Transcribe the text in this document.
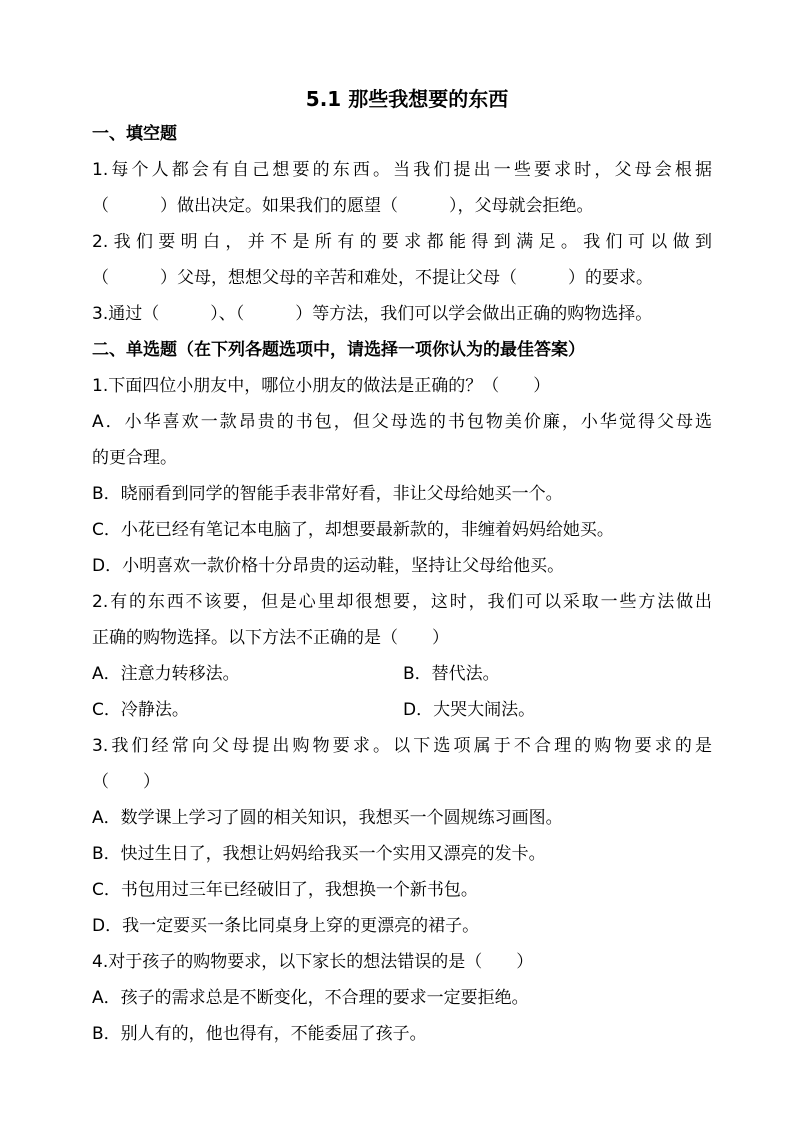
5.1 那些我想要的东西
一、填空题
1.每个人都会有自己想要的东西。当我们提出一些要求时，父母会根据
（　　　）做出决定。如果我们的愿望（　　　），父母就会拒绝。
2.我们要明白，并不是所有的要求都能得到满足。我们可以做到
（　　　）父母，想想父母的辛苦和难处，不提让父母（　　　）的要求。
3.通过（　　　）、（　　　）等方法，我们可以学会做出正确的购物选择。
二、单选题（在下列各题选项中，请选择一项你认为的最佳答案）
1.下面四位小朋友中，哪位小朋友的做法是正确的？（　　）
A．小华喜欢一款昂贵的书包，但父母选的书包物美价廉，小华觉得父母选
的更合理。
B．晓丽看到同学的智能手表非常好看，非让父母给她买一个。
C．小花已经有笔记本电脑了，却想要最新款的，非缠着妈妈给她买。
D．小明喜欢一款价格十分昂贵的运动鞋，坚持让父母给他买。
2.有的东西不该要，但是心里却很想要，这时，我们可以采取一些方法做出
正确的购物选择。以下方法不正确的是（　　）
A．注意力转移法。	B．替代法。
C．冷静法。	D．大哭大闹法。
3.我们经常向父母提出购物要求。以下选项属于不合理的购物要求的是
（　　）
A．数学课上学习了圆的相关知识，我想买一个圆规练习画图。
B．快过生日了，我想让妈妈给我买一个实用又漂亮的发卡。
C．书包用过三年已经破旧了，我想换一个新书包。
D．我一定要买一条比同桌身上穿的更漂亮的裙子。
4.对于孩子的购物要求，以下家长的想法错误的是（　　）
A．孩子的需求总是不断变化，不合理的要求一定要拒绝。
B．别人有的，他也得有，不能委屈了孩子。
